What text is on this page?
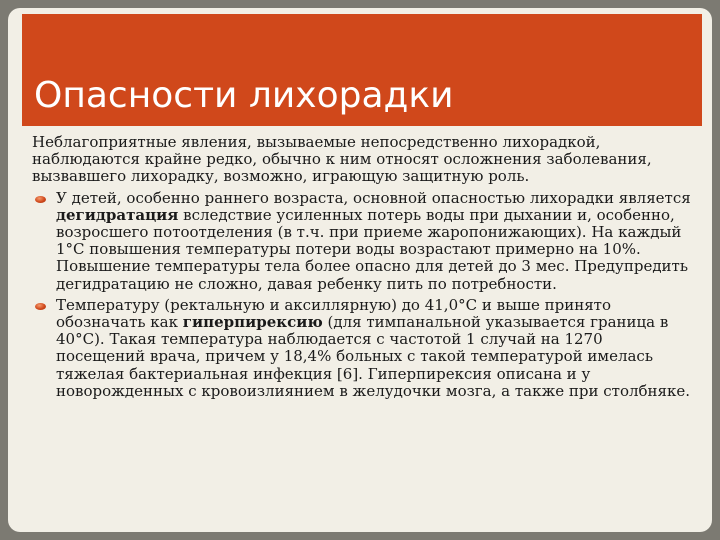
Опасности лихорадки

Неблагоприятные явления, вызываемые непосредственно лихорадкой, наблюдаются крайне редко, обычно к ним относят осложнения заболевания, вызвавшего лихорадку, возможно, играющую защитную роль.

У детей, особенно раннего возраста, основной опасностью лихорадки является дегидратация вследствие усиленных потерь воды при дыхании и, особенно, возросшего потоотделения (в т.ч. при приеме жаропонижающих). На каждый 1°С повышения температуры потери воды возрастают примерно на 10%. Повышение температуры тела более опасно для детей до 3 мес. Предупредить дегидратацию не сложно, давая ребенку пить по потребности.
Температуру (ректальную и аксиллярную) до 41,0°С и выше принято обозначать как гиперпирексию (для тимпанальной указывается граница в 40°С). Такая температура наблюдается с частотой 1 случай на 1270 посещений врача, причем у 18,4% больных с такой температурой имелась тяжелая бактериальная инфекция [6]. Гиперпирексия описана и у новорожденных с кровоизлиянием в желудочки мозга, а также при столбняке.
